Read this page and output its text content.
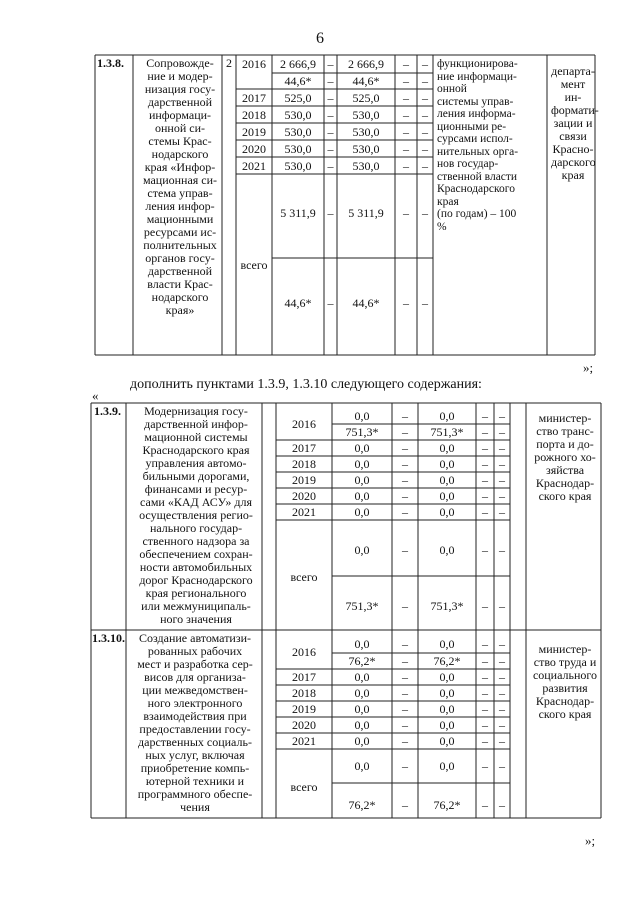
6
1.3.8.	Сопровожде-
ние и модер-
низация госу-
дарственной
информаци-
онной си-
стемы Крас-
нодарского
края «Инфор-
мационная си-
стема управ-
ления инфор-
мационными
ресурсами ис-
полнительных
органов госу-
дарственной
власти Крас-
нодарского
края»
2 2016	2 666,9 –	2 666,9	–	–
44,6*	–	44,6*	–	–
2017	525,0	–	525,0	–	–
2018	530,0	–	530,0	–	–
2019	530,0	–	530,0	–	–
2020	530,0	–	530,0	–	–
2021	530,0	–	530,0	–	–
всего
5 311,9 –	5 311,9	–	–
44,6*	–	44,6*	–	–
функционирова-
ние информаци-
онной
системы управ-
ления информа-
ционными ре-
сурсами испол-
нительных орга-
нов государ-
ственной власти
Краснодарского
края
(по годам) – 100
%
департа-
мент ин-
формати-
зации и
связи
Красно-
дарского
края
»;
дополнить пунктами 1.3.9, 1.3.10 следующего содержания:
«
1.3.9.	Модернизация госу-
дарственной инфор-
мационной системы
Краснодарского края
управления автомо-
бильными дорогами,
финансами и ресур-
сами «КАД АСУ» для
осуществления регио-
нального государ-
ственного надзора за
обеспечением сохран-
ности автомобильных
дорог Краснодарского
края регионального
или межмуниципаль-
ного значения
2016
0,0	–	0,0	– –
751,3*	–	751,3*	– –
2017	0,0	–	0,0	– –
2018	0,0	–	0,0	– –
2019	0,0	–	0,0	– –
2020	0,0	–	0,0	– –
2021	0,0	–	0,0	– –
всего
0,0	–	0,0	– –
751,3*	–	751,3*	– –
министер-
ство транс-
порта и до-
рожного хо-
зяйства
Краснодар-
ского края
1.3.10.	Создание автоматизи-
рованных рабочих
мест и разработка сер-
висов для организа-
ции межведомствен-
ного электронного
взаимодействия при
предоставлении госу-
дарственных социаль-
ных услуг, включая
приобретение компь-
ютерной техники и
программного обеспе-
чения
2016
0,0	–	0,0	– –
76,2*	–	76,2*	– –
2017	0,0	–	0,0	– –
2018	0,0	–	0,0	– –
2019	0,0	–	0,0	– –
2020	0,0	–	0,0	– –
2021	0,0	–	0,0	– –
всего
0,0	–	0,0	– –
76,2*	–	76,2*	– –
министер-
ство труда и
социального
развития
Краснодар-
ского края
»;
